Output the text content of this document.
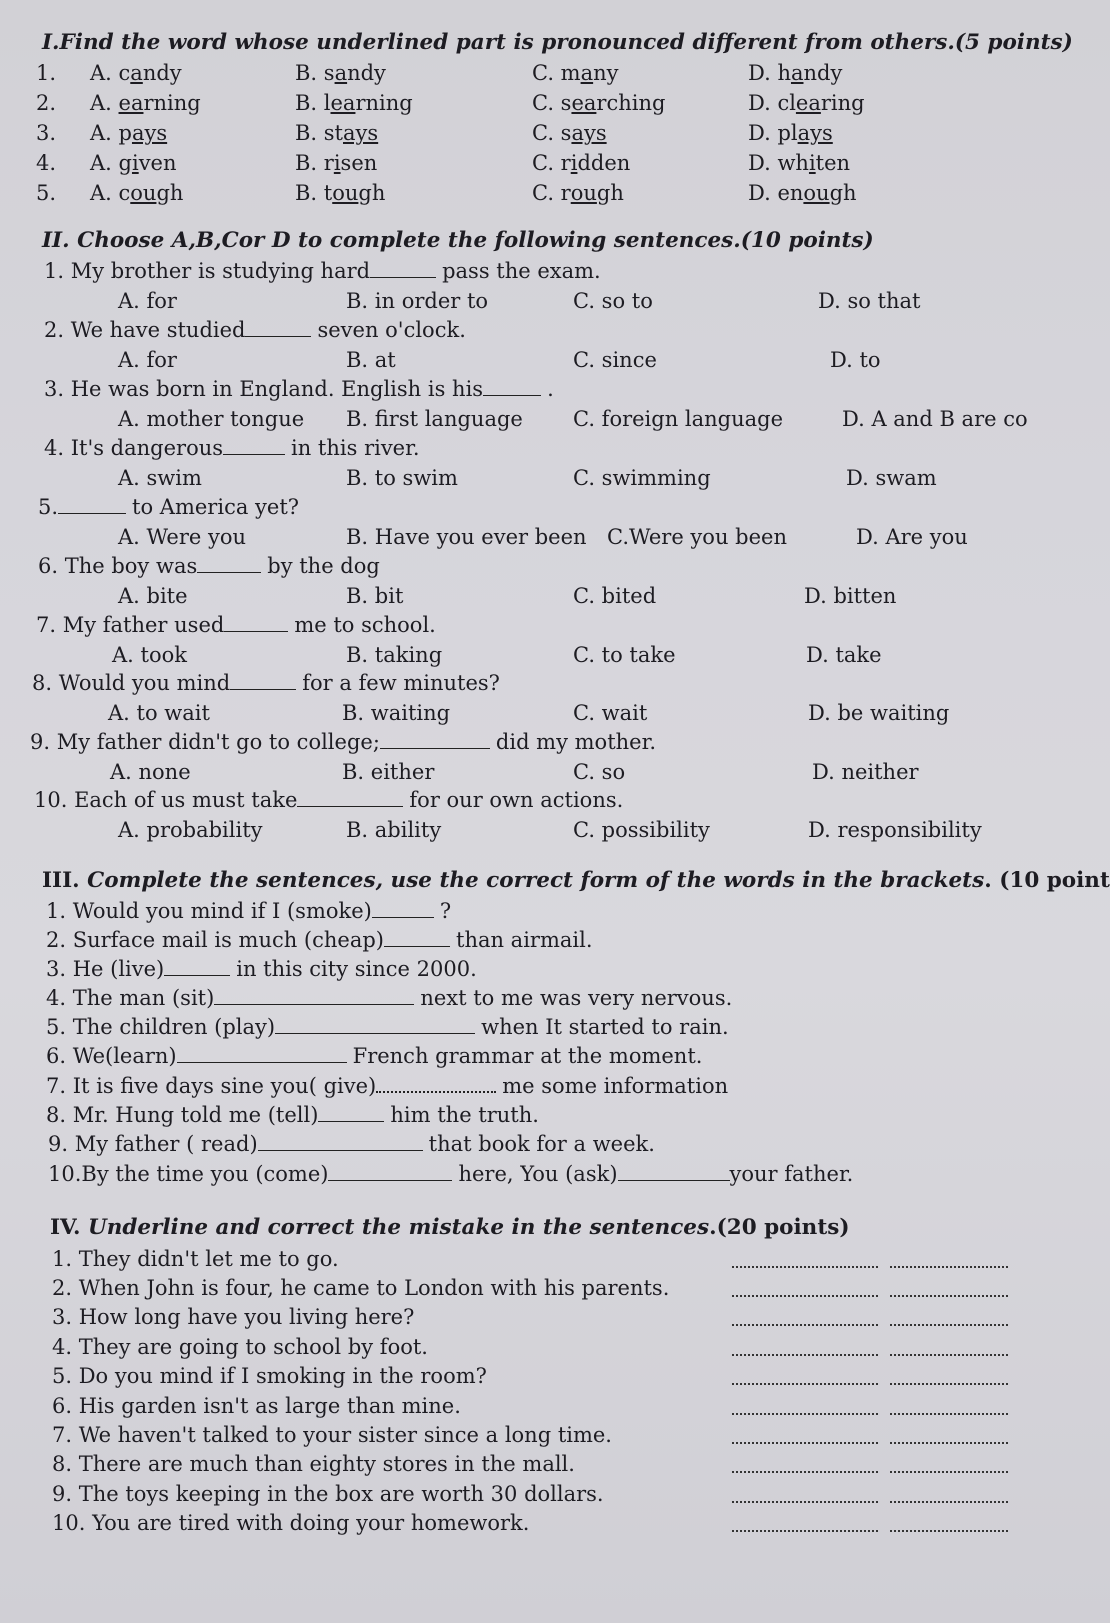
I.Find the word whose underlined part is pronounced different from others.(5 points)
1. A. candy	B. sandy	C. many	D. handy
2. A. earning	B. learning	C. searching	D. clearing
3. A. pays	B. stays	C. says	D. plays
4. A. given	B. risen	C. ridden	D. whiten
5. A. cough	B. tough	C. rough	D. enough
II. Choose A,B,Cor D to complete the following sentences.(10 points)
1. My brother is studying hard	pass the exam.
A. for	B. in order to	C. so to	D. so that
2. We have studied	seven o'clock.
A. for	B. at	C. since	D. to
3. He was born in England. English is his	.
A. mother tongue B. first language C. foreign language	D. A and B are co
4. It's dangerous	in this river.
A. swim	B. to swim	C. swimming	D. swam
5.	to America yet?
A. Were you	B. Have you ever been C.Were you been	D. Are you
6. The boy was	by the dog
A. bite	B. bit	C. bited	D. bitten
7. My father used	me to school.
A. took	B. taking	C. to take	D. take
8. Would you mind	for a few minutes?
A. to wait	B. waiting	C. wait	D. be waiting
9. My father didn't go to college;	did my mother.
A. none	B. either	C. so	D. neither
10. Each of us must take	for our own actions.
A. probability	B. ability	C. possibility	D. responsibility
III. Complete the sentences, use the correct form of the words in the brackets. (10 point
1. Would you mind if I (smoke)	?
2. Surface mail is much (cheap)	than airmail.
3. He (live)	in this city since 2000.
4. The man (sit)	next to me was very nervous.
5. The children (play)	when It started to rain.
6. We(learn)	French grammar at the moment.
7. It is five days sine you( give)	me some information
8. Mr. Hung told me (tell)	him the truth.
9. My father ( read)	that book for a week.
10.By the time you (come)	here, You (ask)	your father.
IV. Underline and correct the mistake in the sentences.(20 points)
1. They didn't let me to go.
2. When John is four, he came to London with his parents.
3. How long have you living here?
4. They are going to school by foot.
5. Do you mind if I smoking in the room?
6. His garden isn't as large than mine.
7. We haven't talked to your sister since a long time.
8. There are much than eighty stores in the mall.
9. The toys keeping in the box are worth 30 dollars.
10. You are tired with doing your homework.
